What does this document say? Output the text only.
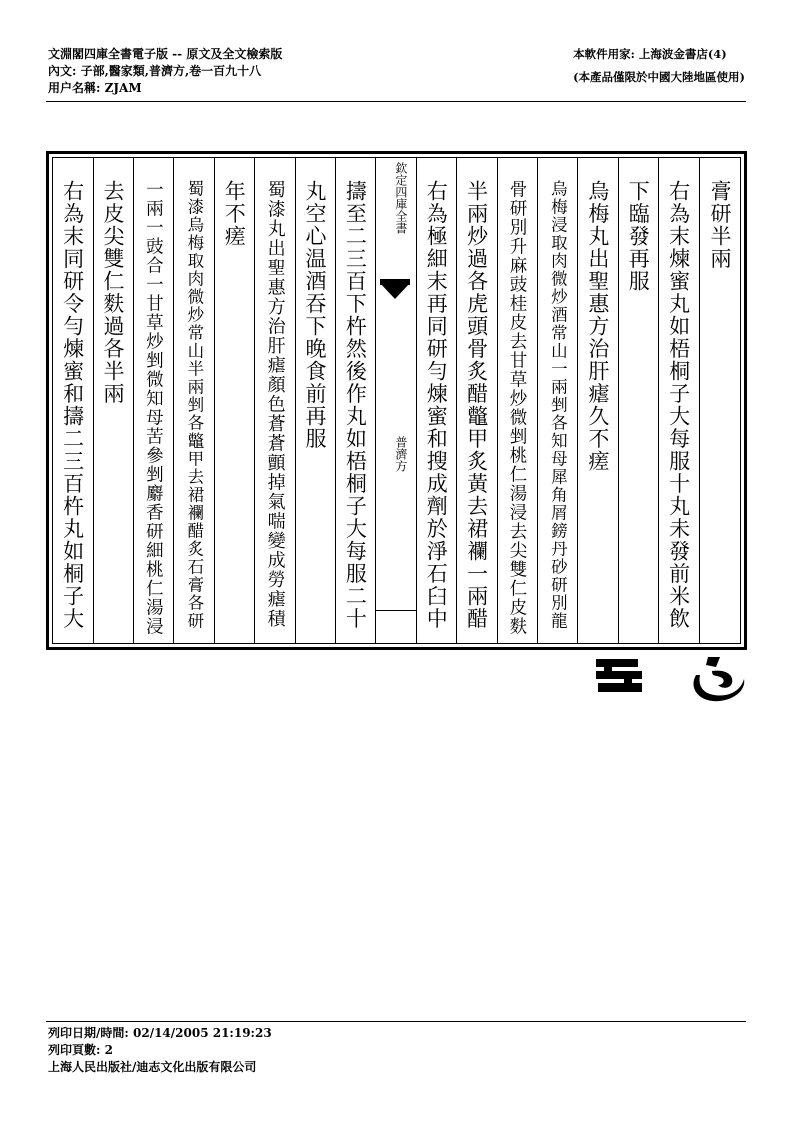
文淵閣四庫全書電子版 -- 原文及全文檢索版
內文: 子部,醫家類,普濟方,卷一百九十八
用户名稱: ZJAM
本軟件用家: 上海波金書店(4)
(本產品僅限於中國大陸地區使用)
膏研半兩
右為末煉蜜丸如梧桐子大每服十丸未發前米飲
下臨發再服
烏梅丸出聖惠方治肝瘧久不瘥
烏梅浸取肉微炒酒常山一兩剉各知母犀角屑鎊丹砂研別龍
骨研別升麻豉桂皮去甘草炒微剉桃仁湯浸去尖雙仁皮麩
半兩炒過各虎頭骨炙醋鼈甲炙黃去裙襴一兩醋
右為極細末再同研勻煉蜜和搜成劑於淨石臼中
欽定四庫全書
普濟方
擣至二三百下杵然後作丸如梧桐子大每服二十
丸空心温酒吞下晚食前再服
蜀漆丸出聖惠方治肝瘧顏色蒼蒼顫掉氣喘變成勞瘧積
年不瘥
蜀漆烏梅取肉微炒常山半兩剉各鼈甲去裙襴醋炙石膏各研
一兩一豉合一甘草炒剉微知母苦參剉麝香研細桃仁湯浸
去皮尖雙仁麩過各半兩
右為末同研令勻煉蜜和擣二三百杵丸如桐子大
列印日期/時間: 02/14/2005 21:19:23
列印頁數: 2
上海人民出版社/迪志文化出版有限公司
